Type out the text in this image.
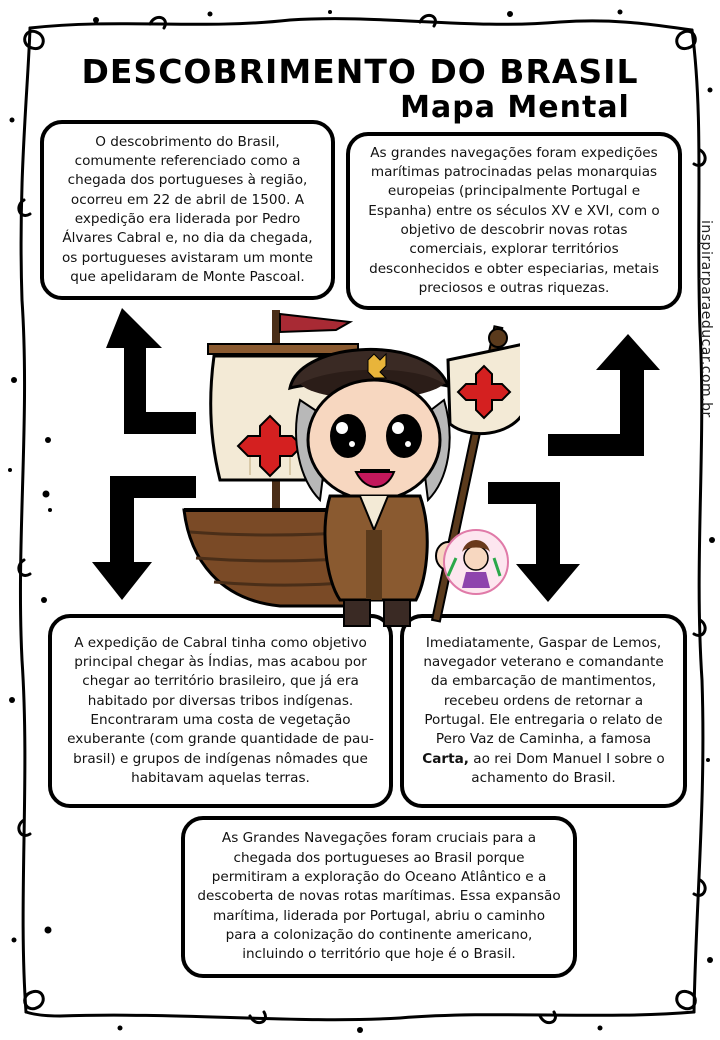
DESCOBRIMENTO DO BRASIL
Mapa Mental
inspirarparaeducar.com.br

O descobrimento do Brasil, comumente referenciado como a chegada dos portugueses à região, ocorreu em 22 de abril de 1500. A expedição era liderada por Pedro Álvares Cabral e, no dia da chegada, os portugueses avistaram um monte que apelidaram de Monte Pascoal.

As grandes navegações foram expedições marítimas patrocinadas pelas monarquias europeias (principalmente Portugal e Espanha) entre os séculos XV e XVI, com o objetivo de descobrir novas rotas comerciais, explorar territórios desconhecidos e obter especiarias, metais preciosos e outras riquezas.

A expedição de Cabral tinha como objetivo principal chegar às Índias, mas acabou por chegar ao território brasileiro, que já era habitado por diversas tribos indígenas. Encontraram uma costa de vegetação exuberante (com grande quantidade de pau-brasil) e grupos de indígenas nômades que habitavam aquelas terras.

Imediatamente, Gaspar de Lemos, navegador veterano e comandante da embarcação de mantimentos, recebeu ordens de retornar a Portugal. Ele entregaria o relato de Pero Vaz de Caminha, a famosa Carta, ao rei Dom Manuel I sobre o achamento do Brasil.

As Grandes Navegações foram cruciais para a chegada dos portugueses ao Brasil porque permitiram a exploração do Oceano Atlântico e a descoberta de novas rotas marítimas. Essa expansão marítima, liderada por Portugal, abriu o caminho para a colonização do continente americano, incluindo o território que hoje é o Brasil.
